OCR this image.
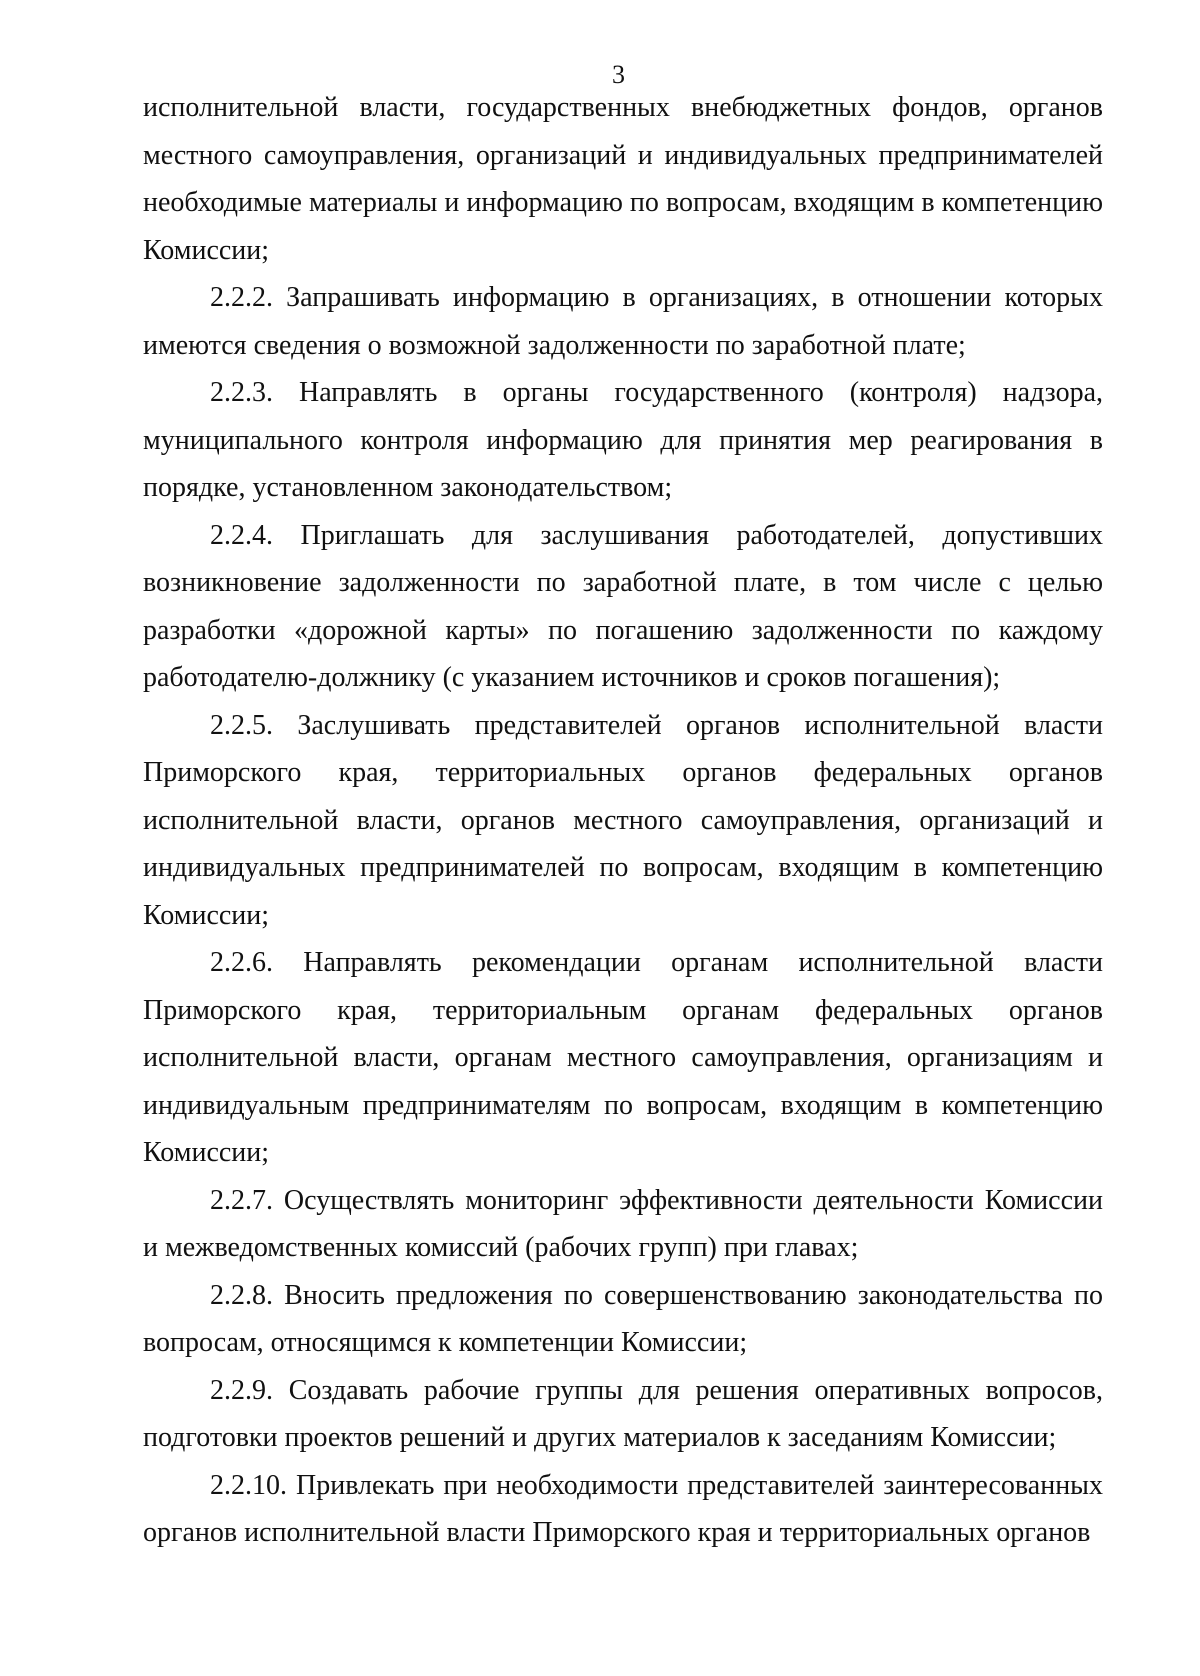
3

исполнительной власти, государственных внебюджетных фондов, органов местного самоуправления, организаций и индивидуальных предпринимателей необходимые материалы и информацию по вопросам, входящим в компетенцию Комиссии;

2.2.2. Запрашивать информацию в организациях, в отношении которых имеются сведения о возможной задолженности по заработной плате;

2.2.3. Направлять в органы государственного (контроля) надзора, муниципального контроля информацию для принятия мер реагирования в порядке, установленном законодательством;

2.2.4. Приглашать для заслушивания работодателей, допустивших возникновение задолженности по заработной плате, в том числе с целью разработки «дорожной карты» по погашению задолженности по каждому работодателю-должнику (с указанием источников и сроков погашения);

2.2.5. Заслушивать представителей органов исполнительной власти Приморского края, территориальных органов федеральных органов исполнительной власти, органов местного самоуправления, организаций и индивидуальных предпринимателей по вопросам, входящим в компетенцию Комиссии;

2.2.6. Направлять рекомендации органам исполнительной власти Приморского края, территориальным органам федеральных органов исполнительной власти, органам местного самоуправления, организациям и индивидуальным предпринимателям по вопросам, входящим в компетенцию Комиссии;

2.2.7. Осуществлять мониторинг эффективности деятельности Комиссии и межведомственных комиссий (рабочих групп) при главах;

2.2.8. Вносить предложения по совершенствованию законодательства по вопросам, относящимся к компетенции Комиссии;

2.2.9. Создавать рабочие группы для решения оперативных вопросов, подготовки проектов решений и других материалов к заседаниям Комиссии;

2.2.10. Привлекать при необходимости представителей заинтересованных органов исполнительной власти Приморского края и территориальных органов
